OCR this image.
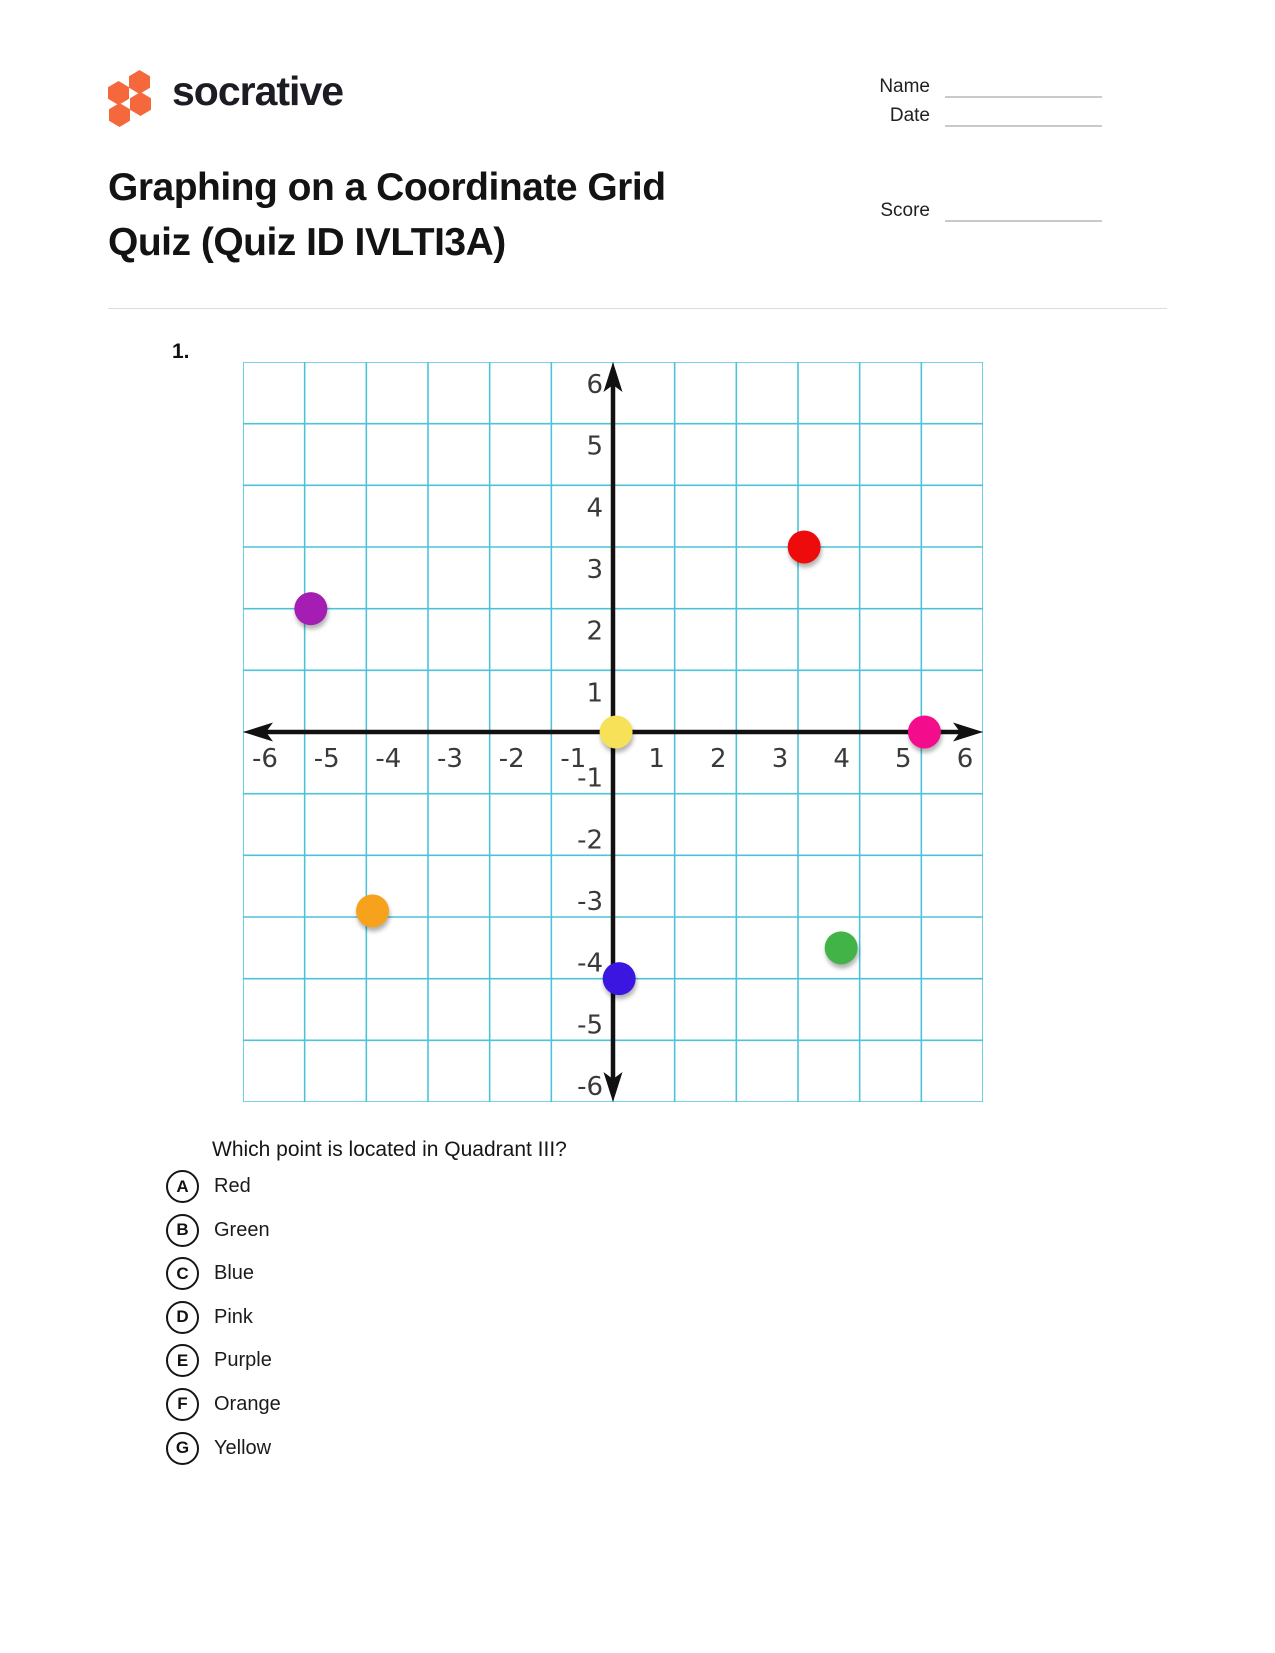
socrative	Name
Date
Score
Graphing on a Coordinate Grid
Quiz (Quiz ID IVLTI3A)
1.
-6 -5 -4 -3 -2 -1 1 2 3 4 5 6
-6
-5
-4
-3
-2
-1
1
2
3
4
5
6
Which point is located in Quadrant III?
A	Red
B	Green
C	Blue
D	Pink
E	Purple
F	Orange
G	Yellow
